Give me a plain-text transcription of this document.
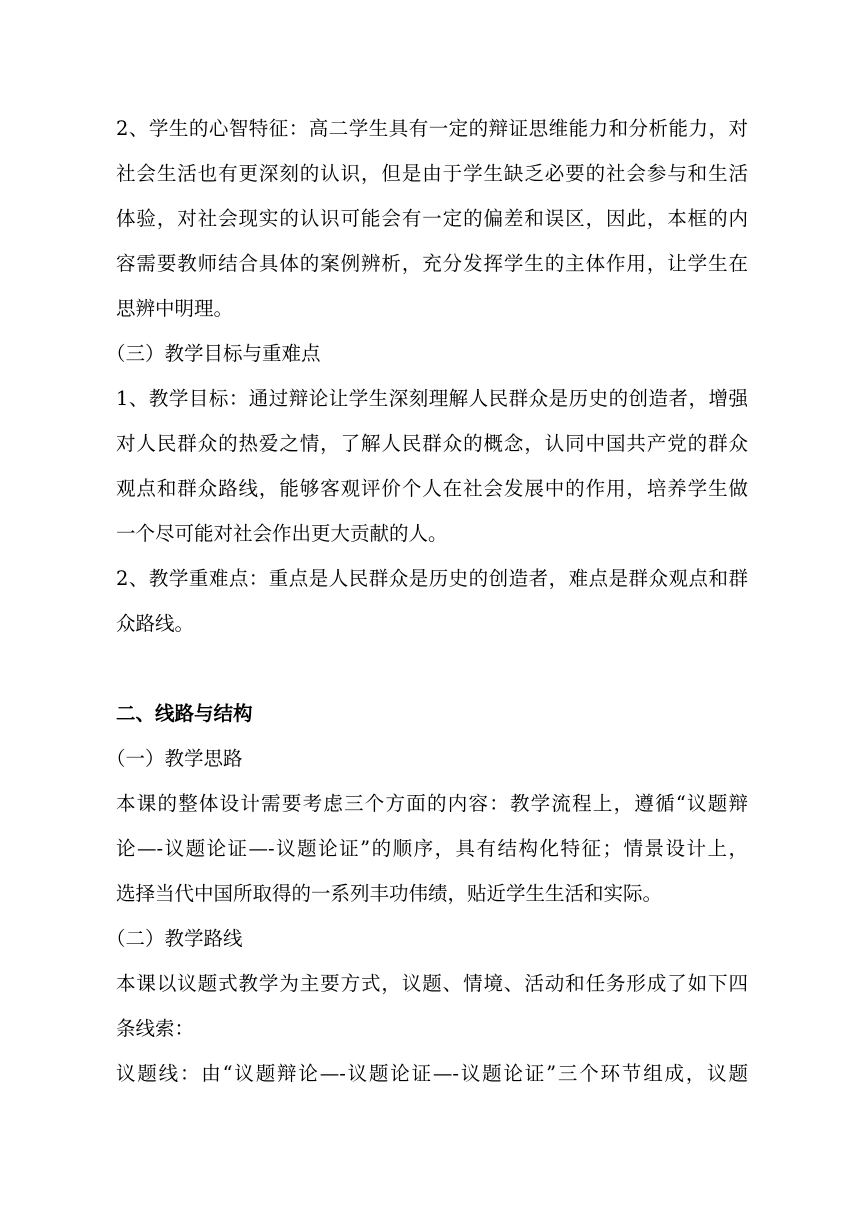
2、学生的心智特征：高二学生具有一定的辩证思维能力和分析能力，对
社会生活也有更深刻的认识，但是由于学生缺乏必要的社会参与和生活
体验，对社会现实的认识可能会有一定的偏差和误区，因此，本框的内
容需要教师结合具体的案例辨析，充分发挥学生的主体作用，让学生在
思辨中明理。
（三）教学目标与重难点
1、教学目标：通过辩论让学生深刻理解人民群众是历史的创造者，增强
对人民群众的热爱之情，了解人民群众的概念，认同中国共产党的群众
观点和群众路线，能够客观评价个人在社会发展中的作用，培养学生做
一个尽可能对社会作出更大贡献的人。
2、教学重难点：重点是人民群众是历史的创造者，难点是群众观点和群
众路线。
二、线路与结构
（一）教学思路
本课的整体设计需要考虑三个方面的内容：教学流程上，遵循“议题辩
论—-议题论证—-议题论证”的顺序，具有结构化特征；情景设计上，
选择当代中国所取得的一系列丰功伟绩，贴近学生生活和实际。
（二）教学路线
本课以议题式教学为主要方式，议题、情境、活动和任务形成了如下四
条线索：
议题线：由“议题辩论—-议题论证—-议题论证”三个环节组成，议题
